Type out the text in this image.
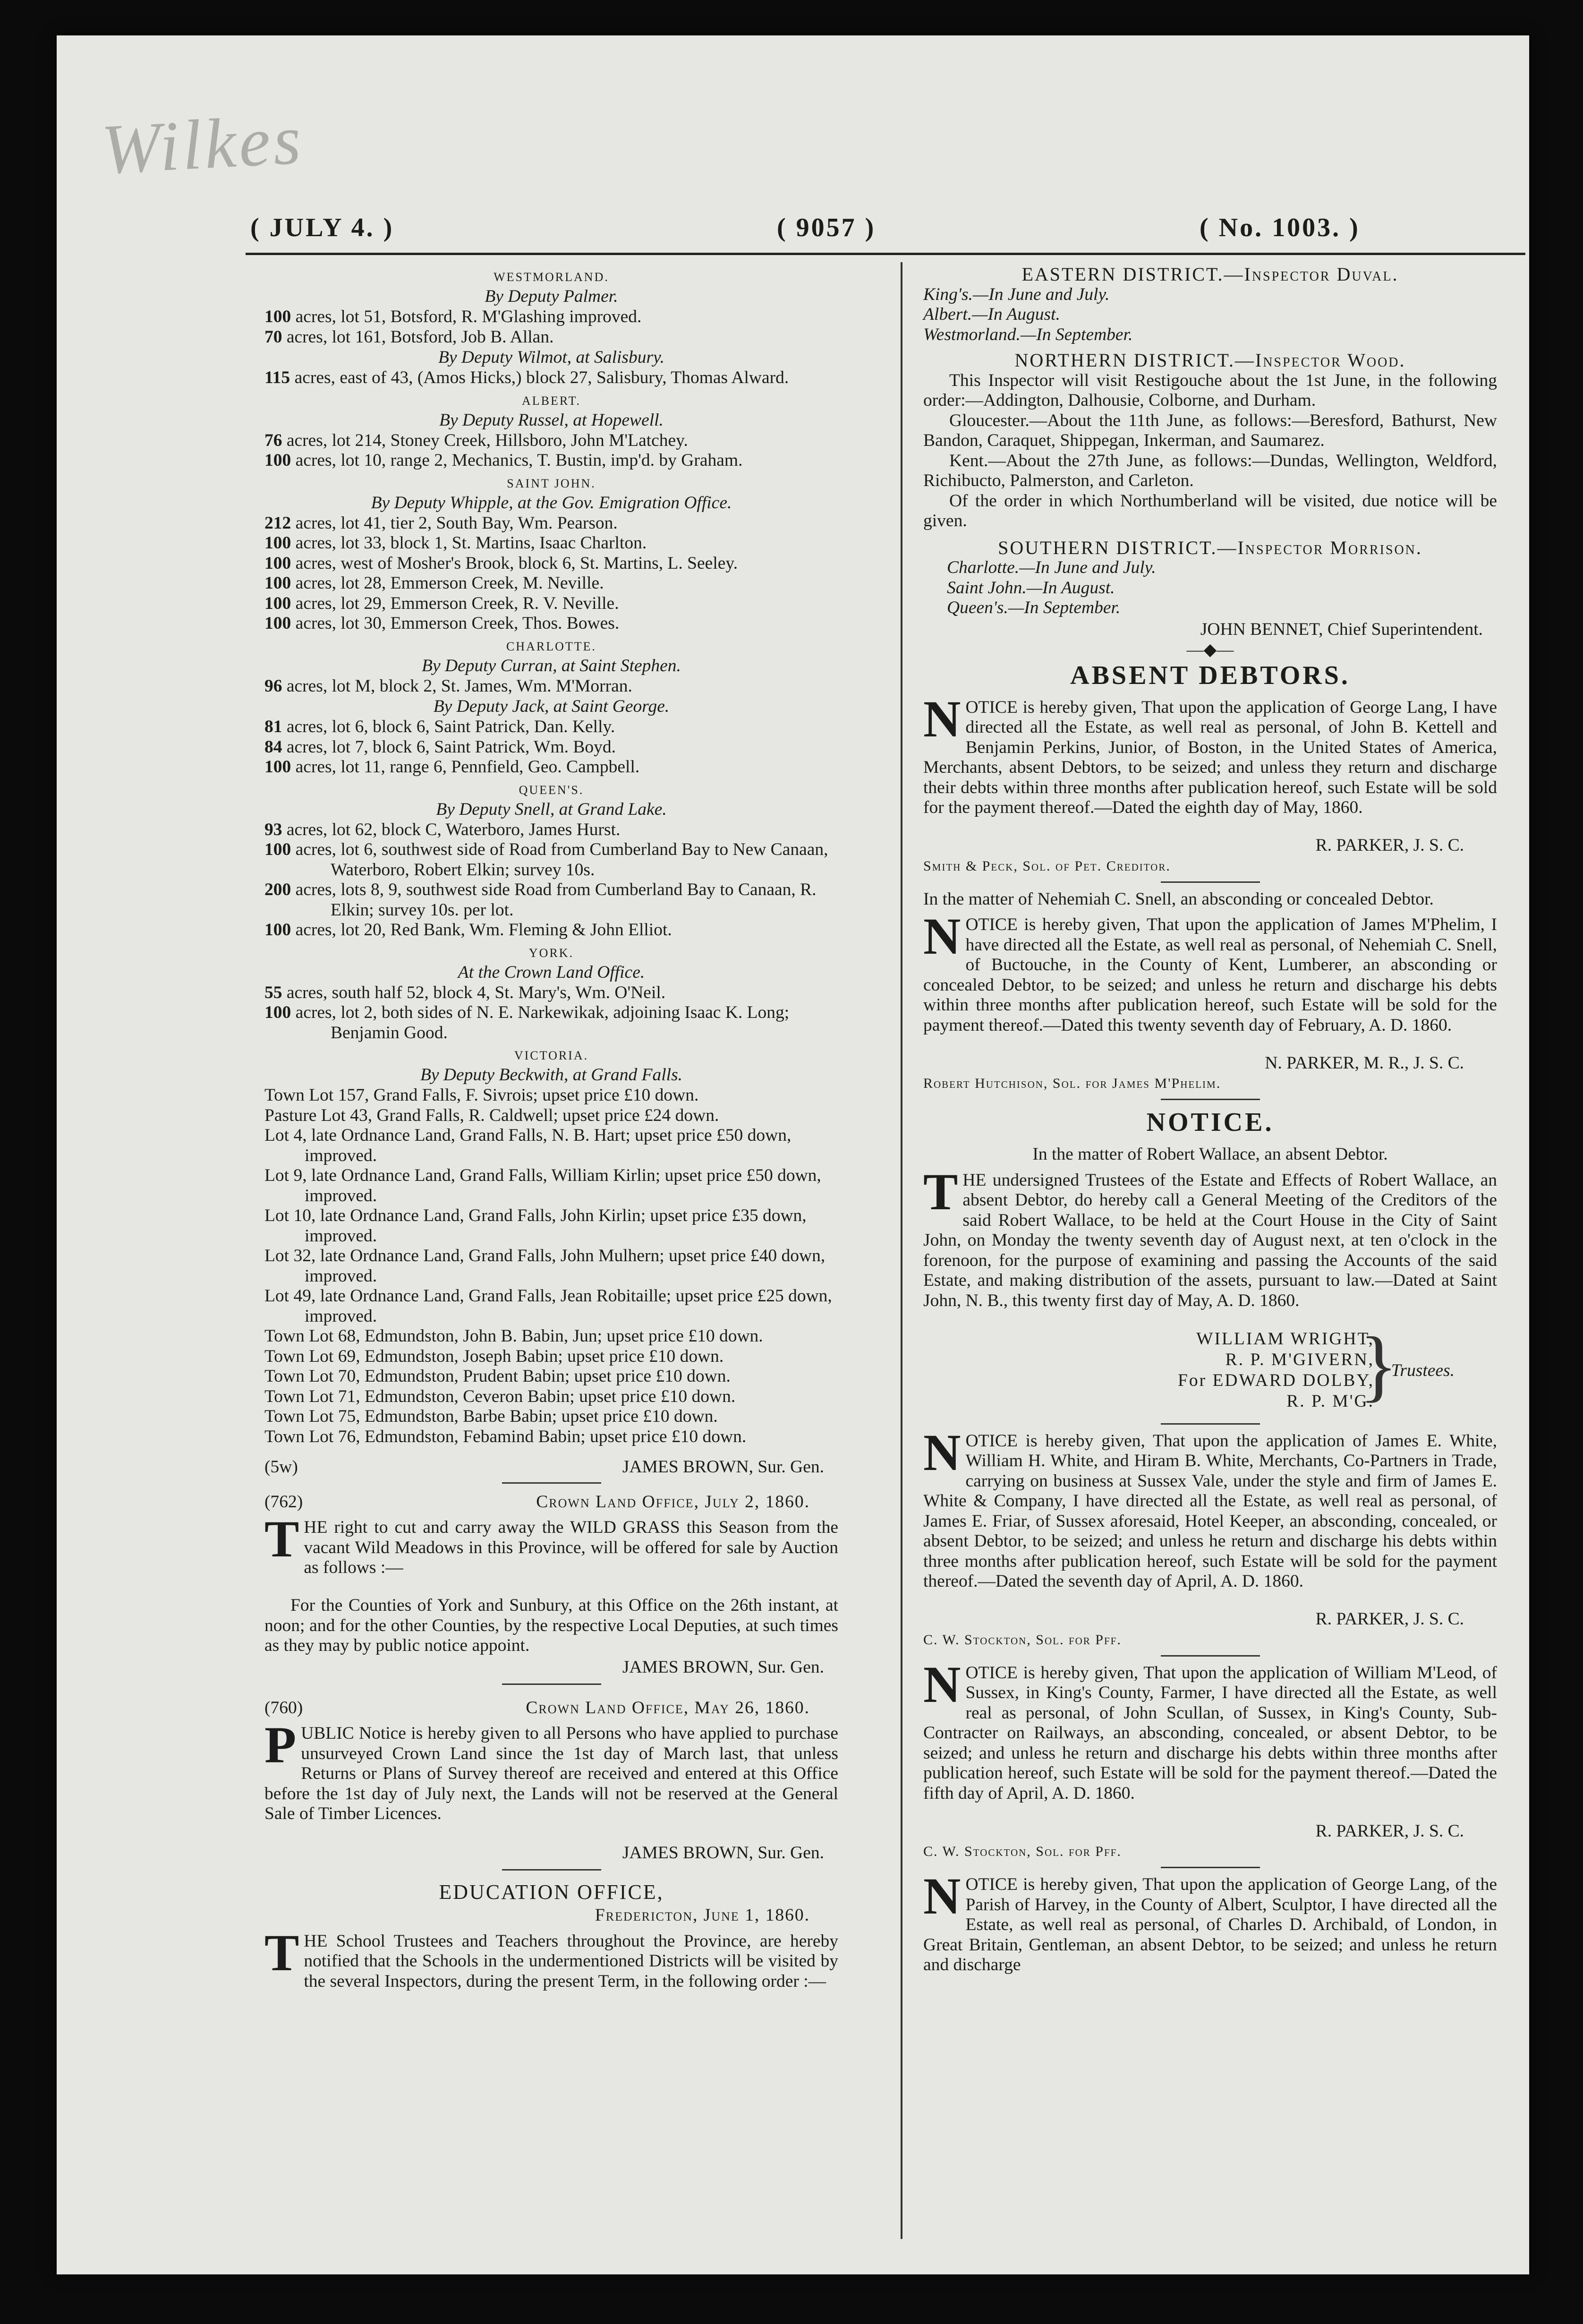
Wilkes
( JULY 4. )	( 9057 )	( No. 1003. )
WESTMORLAND.
By Deputy Palmer.

100 acres, lot 51, Botsford, R. M'Glashing improved.

70 acres, lot 161, Botsford, Job B. Allan.

By Deputy Wilmot, at Salisbury.

115 acres, east of 43, (Amos Hicks,) block 27, Salisbury, Thomas Alward.

ALBERT.
By Deputy Russel, at Hopewell.

76 acres, lot 214, Stoney Creek, Hillsboro, John M'Latchey.

100 acres, lot 10, range 2, Mechanics, T. Bustin, imp'd. by Graham.

SAINT JOHN.
By Deputy Whipple, at the Gov. Emigration Office.

212 acres, lot 41, tier 2, South Bay, Wm. Pearson.

100 acres, lot 33, block 1, St. Martins, Isaac Charlton.

100 acres, west of Mosher's Brook, block 6, St. Martins, L. Seeley.

100 acres, lot 28, Emmerson Creek, M. Neville.

100 acres, lot 29, Emmerson Creek, R. V. Neville.

100 acres, lot 30, Emmerson Creek, Thos. Bowes.

CHARLOTTE.
By Deputy Curran, at Saint Stephen.

96 acres, lot M, block 2, St. James, Wm. M'Morran.

By Deputy Jack, at Saint George.

81 acres, lot 6, block 6, Saint Patrick, Dan. Kelly.

84 acres, lot 7, block 6, Saint Patrick, Wm. Boyd.

100 acres, lot 11, range 6, Pennfield, Geo. Campbell.

QUEEN'S.
By Deputy Snell, at Grand Lake.

93 acres, lot 62, block C, Waterboro, James Hurst.

100 acres, lot 6, southwest side of Road from Cumberland Bay to New Canaan, Waterboro, Robert Elkin; survey 10s.

200 acres, lots 8, 9, southwest side Road from Cumberland Bay to Canaan, R. Elkin; survey 10s. per lot.

100 acres, lot 20, Red Bank, Wm. Fleming & John Elliot.

YORK.
At the Crown Land Office.

55 acres, south half 52, block 4, St. Mary's, Wm. O'Neil.

100 acres, lot 2, both sides of N. E. Narkewikak, adjoining Isaac K. Long; Benjamin Good.

VICTORIA.
By Deputy Beckwith, at Grand Falls.

Town Lot 157, Grand Falls, F. Sivrois; upset price £10 down.

Pasture Lot 43, Grand Falls, R. Caldwell; upset price £24 down.

Lot 4, late Ordnance Land, Grand Falls, N. B. Hart; upset price £50 down, improved.

Lot 9, late Ordnance Land, Grand Falls, William Kirlin; upset price £50 down, improved.

Lot 10, late Ordnance Land, Grand Falls, John Kirlin; upset price £35 down, improved.

Lot 32, late Ordnance Land, Grand Falls, John Mulhern; upset price £40 down, improved.

Lot 49, late Ordnance Land, Grand Falls, Jean Robitaille; upset price £25 down, improved.

Town Lot 68, Edmundston, John B. Babin, Jun; upset price £10 down.

Town Lot 69, Edmundston, Joseph Babin; upset price £10 down.

Town Lot 70, Edmundston, Prudent Babin; upset price £10 down.

Town Lot 71, Edmundston, Ceveron Babin; upset price £10 down.

Town Lot 75, Edmundston, Barbe Babin; upset price £10 down.

Town Lot 76, Edmundston, Febamind Babin; upset price £10 down.

(5w)	JAMES BROWN, Sur. Gen.
(762)	Crown Land Office, July 2, 1860.

THE right to cut and carry away the WILD GRASS this Season from the vacant Wild Meadows in this Province, will be offered for sale by Auction as follows :—

For the Counties of York and Sunbury, at this Office on the 26th instant, at noon; and for the other Counties, by the respective Local Deputies, at such times as they may by public notice appoint.

JAMES BROWN, Sur. Gen.
(760)	Crown Land Office, May 26, 1860.

PUBLIC Notice is hereby given to all Persons who have applied to purchase unsurveyed Crown Land since the 1st day of March last, that unless Returns or Plans of Survey thereof are received and entered at this Office before the 1st day of July next, the Lands will not be reserved at the General Sale of Timber Licences.

JAMES BROWN, Sur. Gen.
EDUCATION OFFICE,
Fredericton, June 1, 1860.

THE School Trustees and Teachers throughout the Province, are hereby notified that the Schools in the undermentioned Districts will be visited by the several Inspectors, during the present Term, in the following order :—

EASTERN DISTRICT.—Inspector Duval.
King's.—In June and July.
Albert.—In August.
Westmorland.—In September.
NORTHERN DISTRICT.—Inspector Wood.

This Inspector will visit Restigouche about the 1st June, in the following order:—Addington, Dalhousie, Colborne, and Durham.

Gloucester.—About the 11th June, as follows:—Beresford, Bathurst, New Bandon, Caraquet, Shippegan, Inkerman, and Saumarez.

Kent.—About the 27th June, as follows:—Dundas, Wellington, Weldford, Richibucto, Palmerston, and Carleton.

Of the order in which Northumberland will be visited, due notice will be given.

SOUTHERN DISTRICT.—Inspector Morrison.
Charlotte.—In June and July.
Saint John.—In August.
Queen's.—In September.
JOHN BENNET, Chief Superintendent.
—◆—
ABSENT DEBTORS.

NOTICE is hereby given, That upon the application of George Lang, I have directed all the Estate, as well real as personal, of John B. Kettell and Benjamin Perkins, Junior, of Boston, in the United States of America, Merchants, absent Debtors, to be seized; and unless they return and discharge their debts within three months after publication hereof, such Estate will be sold for the payment thereof.—Dated the eighth day of May, 1860.

R. PARKER, J. S. C.
Smith & Peck, Sol. of Pet. Creditor.

In the matter of Nehemiah C. Snell, an absconding or concealed Debtor.

NOTICE is hereby given, That upon the application of James M'Phelim, I have directed all the Estate, as well real as personal, of Nehemiah C. Snell, of Buctouche, in the County of Kent, Lumberer, an absconding or concealed Debtor, to be seized; and unless he return and discharge his debts within three months after publication hereof, such Estate will be sold for the payment thereof.—Dated this twenty seventh day of February, A. D. 1860.

N. PARKER, M. R., J. S. C.
Robert Hutchison, Sol. for James M'Phelim.
NOTICE.
In the matter of Robert Wallace, an absent Debtor.

THE undersigned Trustees of the Estate and Effects of Robert Wallace, an absent Debtor, do hereby call a General Meeting of the Creditors of the said Robert Wallace, to be held at the Court House in the City of Saint John, on Monday the twenty seventh day of August next, at ten o'clock in the forenoon, for the purpose of examining and passing the Accounts of the said Estate, and making distribution of the assets, pursuant to law.—Dated at Saint John, N. B., this twenty first day of May, A. D. 1860.

WILLIAM WRIGHT,
R. P. M'GIVERN,
For EDWARD DOLBY,
R. P. M'G.
}
Trustees.

NOTICE is hereby given, That upon the application of James E. White, William H. White, and Hiram B. White, Merchants, Co-Partners in Trade, carrying on business at Sussex Vale, under the style and firm of James E. White & Company, I have directed all the Estate, as well real as personal, of James E. Friar, of Sussex aforesaid, Hotel Keeper, an absconding, concealed, or absent Debtor, to be seized; and unless he return and discharge his debts within three months after publication hereof, such Estate will be sold for the payment thereof.—Dated the seventh day of April, A. D. 1860.

R. PARKER, J. S. C.
C. W. Stockton, Sol. for Pff.

NOTICE is hereby given, That upon the application of William M'Leod, of Sussex, in King's County, Farmer, I have directed all the Estate, as well real as personal, of John Scullan, of Sussex, in King's County, Sub-Contracter on Railways, an absconding, concealed, or absent Debtor, to be seized; and unless he return and discharge his debts within three months after publication hereof, such Estate will be sold for the payment thereof.—Dated the fifth day of April, A. D. 1860.

R. PARKER, J. S. C.
C. W. Stockton, Sol. for Pff.

NOTICE is hereby given, That upon the application of George Lang, of the Parish of Harvey, in the County of Albert, Sculptor, I have directed all the Estate, as well real as personal, of Charles D. Archibald, of London, in Great Britain, Gentleman, an absent Debtor, to be seized; and unless he return and discharge
